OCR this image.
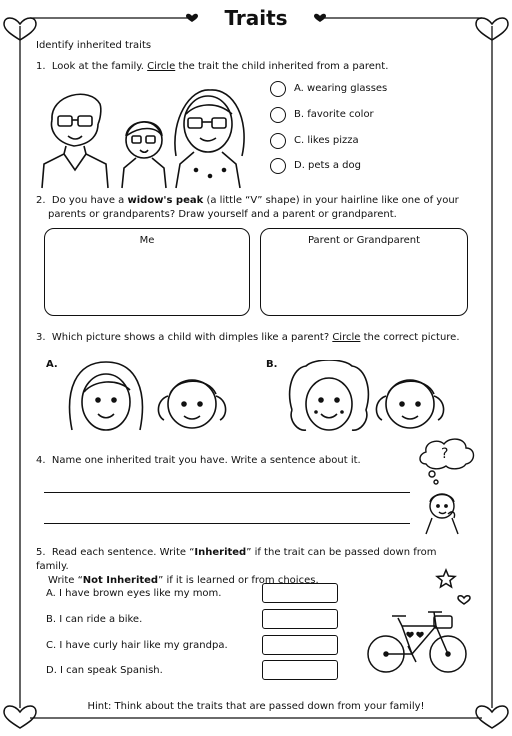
Traits
Identify inherited traits
1. Look at the family. Circle the trait the child inherited from a parent.
A. wearing glasses
B. favorite color
C. likes pizza
D. pets a dog
2. Do you have a widow's peak (a little “V” shape) in your hairline like one of your
parents or grandparents? Draw yourself and a parent or grandparent.
Me	Parent or Grandparent
3. Which picture shows a child with dimples like a parent? Circle the correct picture.
A.	B.
4. Name one inherited trait you have. Write a sentence about it.	?
5. Read each sentence. Write “Inherited” if the trait can be passed down from family.
Write “Not Inherited” if it is learned or from choices.
A. I have brown eyes like my mom.
B. I can ride a bike.
C. I have curly hair like my grandpa.
D. I can speak Spanish.
Hint: Think about the traits that are passed down from your family!
